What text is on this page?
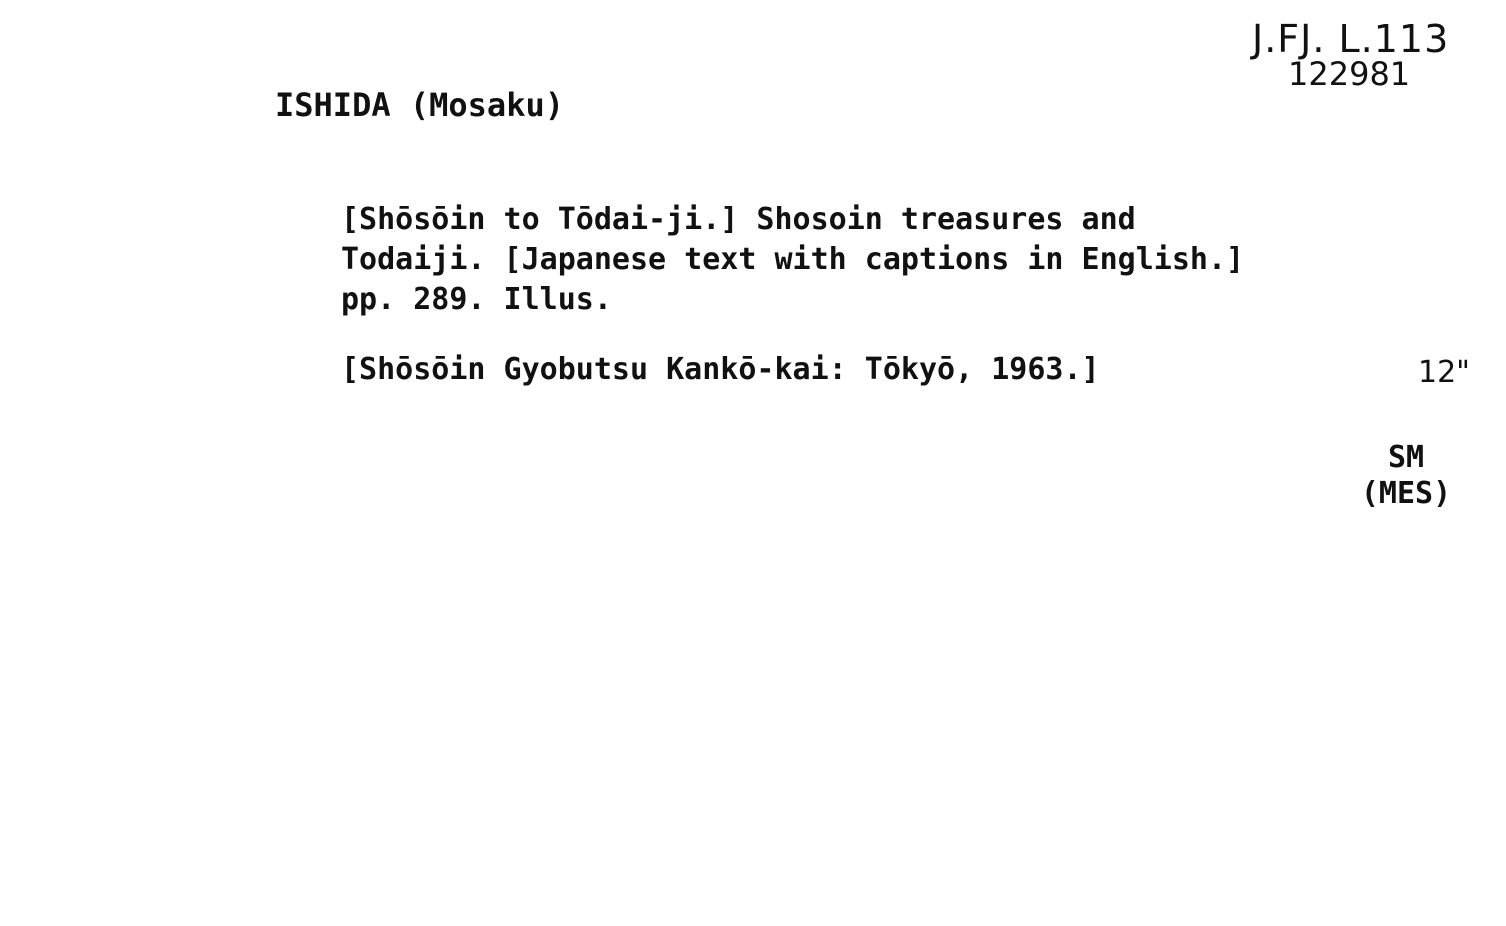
J.FJ. L.113
122981
ISHIDA (Mosaku)
[Shōsōin to Tōdai-ji.] Shosoin treasures and
Todaiji. [Japanese text with captions in English.]
pp. 289. Illus.
[Shōsōin Gyobutsu Kankō-kai: Tōkyō, 1963.]	12"
SM
(MES)
